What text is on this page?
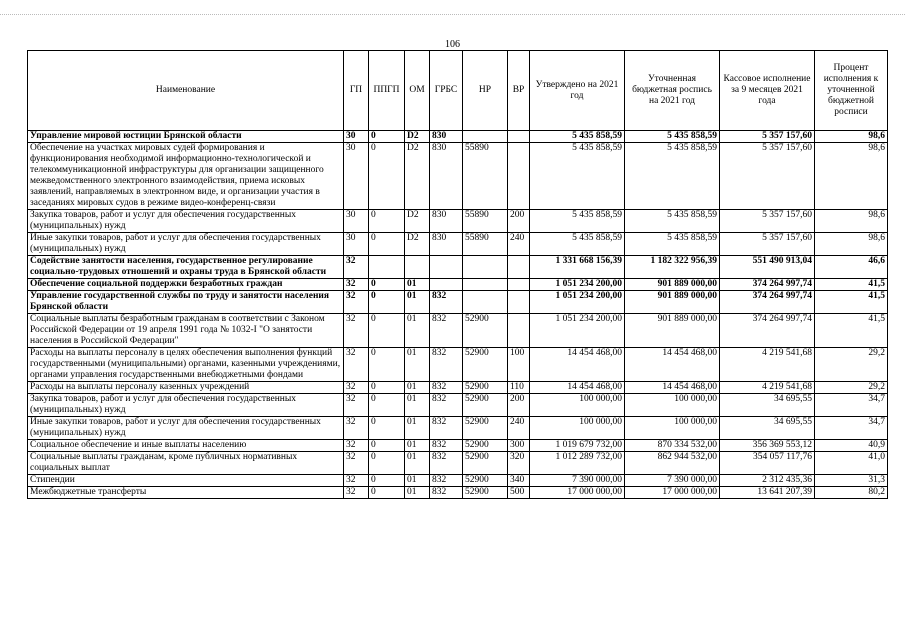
106
Наименование	ГП	ППГП	ОМ	ГРБС	НР	ВР	Утверждено на 2021 год	Уточненная бюджетная роспись на 2021 год	Кассовое исполнение за 9 месяцев 2021 года	Процент исполнения к уточненной бюджетной росписи
Управление мировой юстиции Брянской области	30	0	D2	830			5 435 858,59	5 435 858,59	5 357 157,60	98,6
Обеспечение на участках мировых судей формирования и функционирования необходимой информационно-технологической и телекоммуникационной инфраструктуры для организации защищенного межведомственного электронного взаимодействия, приема исковых заявлений, направляемых в электронном виде, и организации участия в заседаниях мировых судов в режиме видео-конференц-связи	30	0	D2	830	55890		5 435 858,59	5 435 858,59	5 357 157,60	98,6
Закупка товаров, работ и услуг для обеспечения государственных (муниципальных) нужд	30	0	D2	830	55890	200	5 435 858,59	5 435 858,59	5 357 157,60	98,6
Иные закупки товаров, работ и услуг для обеспечения государственных (муниципальных) нужд	30	0	D2	830	55890	240	5 435 858,59	5 435 858,59	5 357 157,60	98,6
Содействие занятости населения, государственное регулирование социально-трудовых отношений и охраны труда в Брянской области	32						1 331 668 156,39	1 182 322 956,39	551 490 913,04	46,6
Обеспечение социальной поддержки безработных граждан	32	0	01				1 051 234 200,00	901 889 000,00	374 264 997,74	41,5
Управление государственной службы по труду и занятости населения Брянской области	32	0	01	832			1 051 234 200,00	901 889 000,00	374 264 997,74	41,5
Социальные выплаты безработным гражданам в соответствии с Законом Российской Федерации от 19 апреля 1991 года № 1032-I "О занятости населения в Российской Федерации"	32	0	01	832	52900		1 051 234 200,00	901 889 000,00	374 264 997,74	41,5
Расходы на выплаты персоналу в целях обеспечения выполнения функций государственными (муниципальными) органами, казенными учреждениями, органами управления государственными внебюджетными фондами	32	0	01	832	52900	100	14 454 468,00	14 454 468,00	4 219 541,68	29,2
Расходы на выплаты персоналу казенных учреждений	32	0	01	832	52900	110	14 454 468,00	14 454 468,00	4 219 541,68	29,2
Закупка товаров, работ и услуг для обеспечения государственных (муниципальных) нужд	32	0	01	832	52900	200	100 000,00	100 000,00	34 695,55	34,7
Иные закупки товаров, работ и услуг для обеспечения государственных (муниципальных) нужд	32	0	01	832	52900	240	100 000,00	100 000,00	34 695,55	34,7
Социальное обеспечение и иные выплаты населению	32	0	01	832	52900	300	1 019 679 732,00	870 334 532,00	356 369 553,12	40,9
Социальные выплаты гражданам, кроме публичных нормативных социальных выплат	32	0	01	832	52900	320	1 012 289 732,00	862 944 532,00	354 057 117,76	41,0
Стипендии	32	0	01	832	52900	340	7 390 000,00	7 390 000,00	2 312 435,36	31,3
Межбюджетные трансферты	32	0	01	832	52900	500	17 000 000,00	17 000 000,00	13 641 207,39	80,2
